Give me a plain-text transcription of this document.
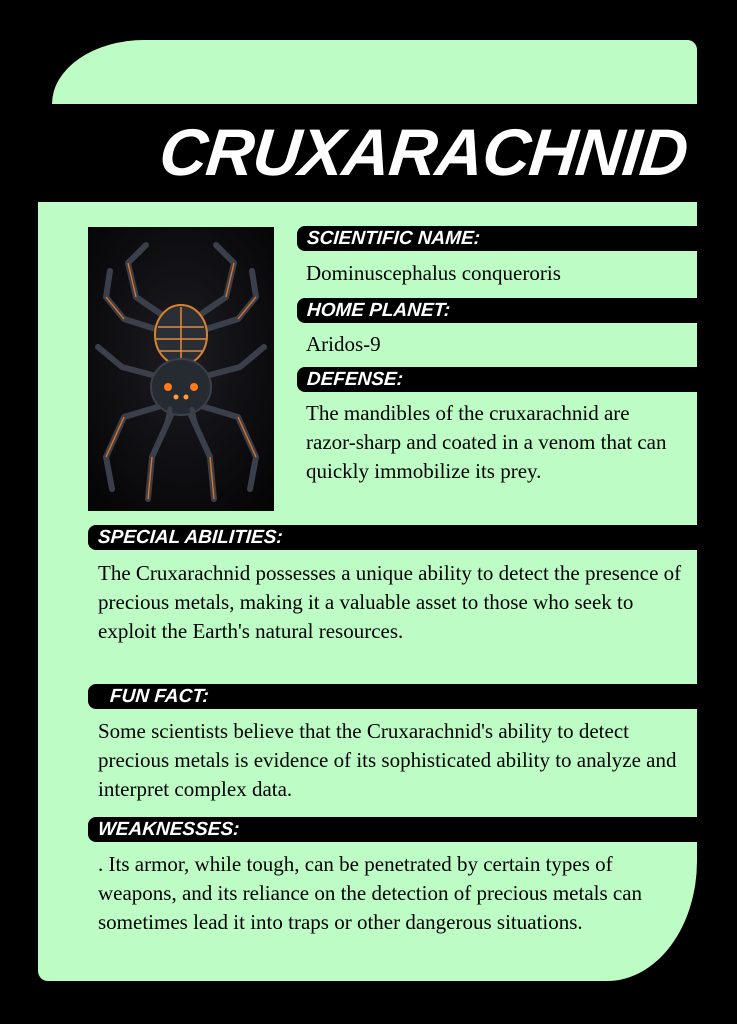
CRUXARACHNID
SCIENTIFIC NAME:

Dominuscephalus conqueroris

HOME PLANET:

Aridos-9

DEFENSE:

The mandibles of the cruxarachnid are razor-sharp and coated in a venom that can quickly immobilize its prey.

SPECIAL ABILITIES:

The Cruxarachnid possesses a unique ability to detect the presence of precious metals, making it a valuable asset to those who seek to exploit the Earth's natural resources.

FUN FACT:

Some scientists believe that the Cruxarachnid's ability to detect precious metals is evidence of its sophisticated ability to analyze and interpret complex data.

WEAKNESSES:

. Its armor, while tough, can be penetrated by certain types of weapons, and its reliance on the detection of precious metals can sometimes lead it into traps or other dangerous situations.
